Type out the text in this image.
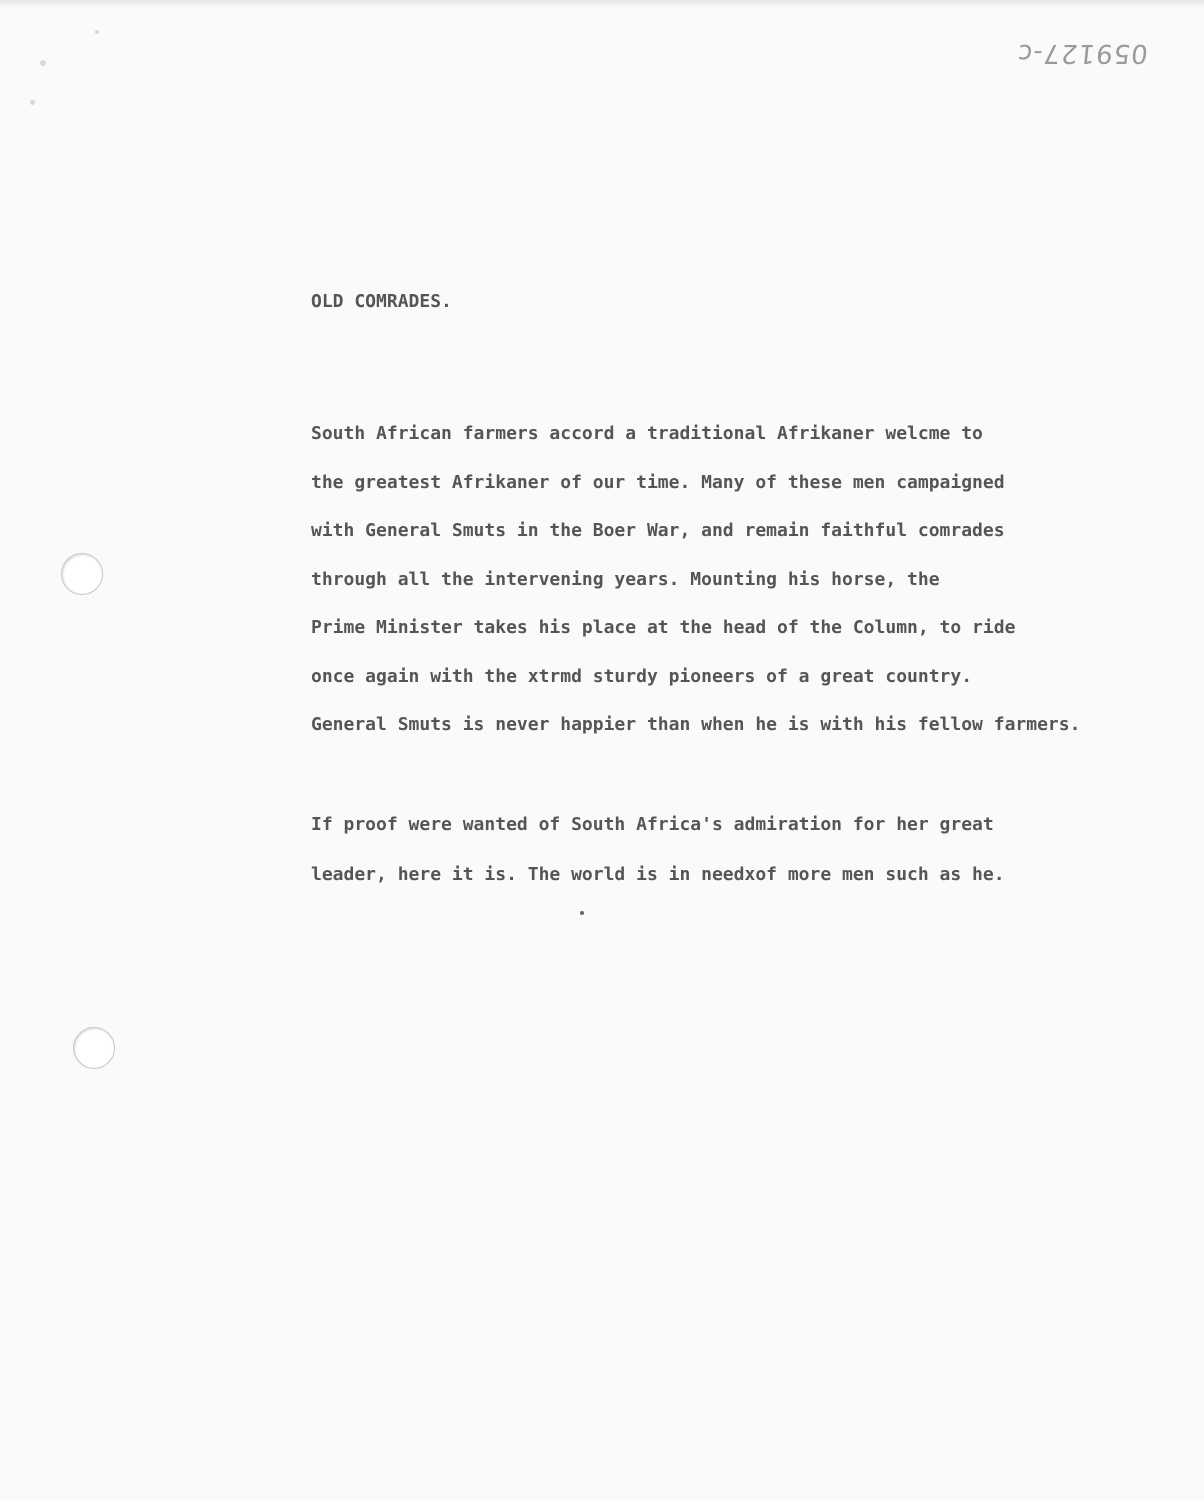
059127-c
OLD COMRADES.
South African farmers accord a traditional Afrikaner welcme to
the greatest Afrikaner of our time. Many of these men campaigned
with General Smuts in the Boer War, and remain faithful comrades
through all the intervening years. Mounting his horse, the
Prime Minister takes his place at the head of the Column, to ride
once again with the xtrmd sturdy pioneers of a great country.
General Smuts is never happier than when he is with his fellow farmers.
If proof were wanted of South Africa's admiration for her great
leader, here it is. The world is in needxof more men such as he.
